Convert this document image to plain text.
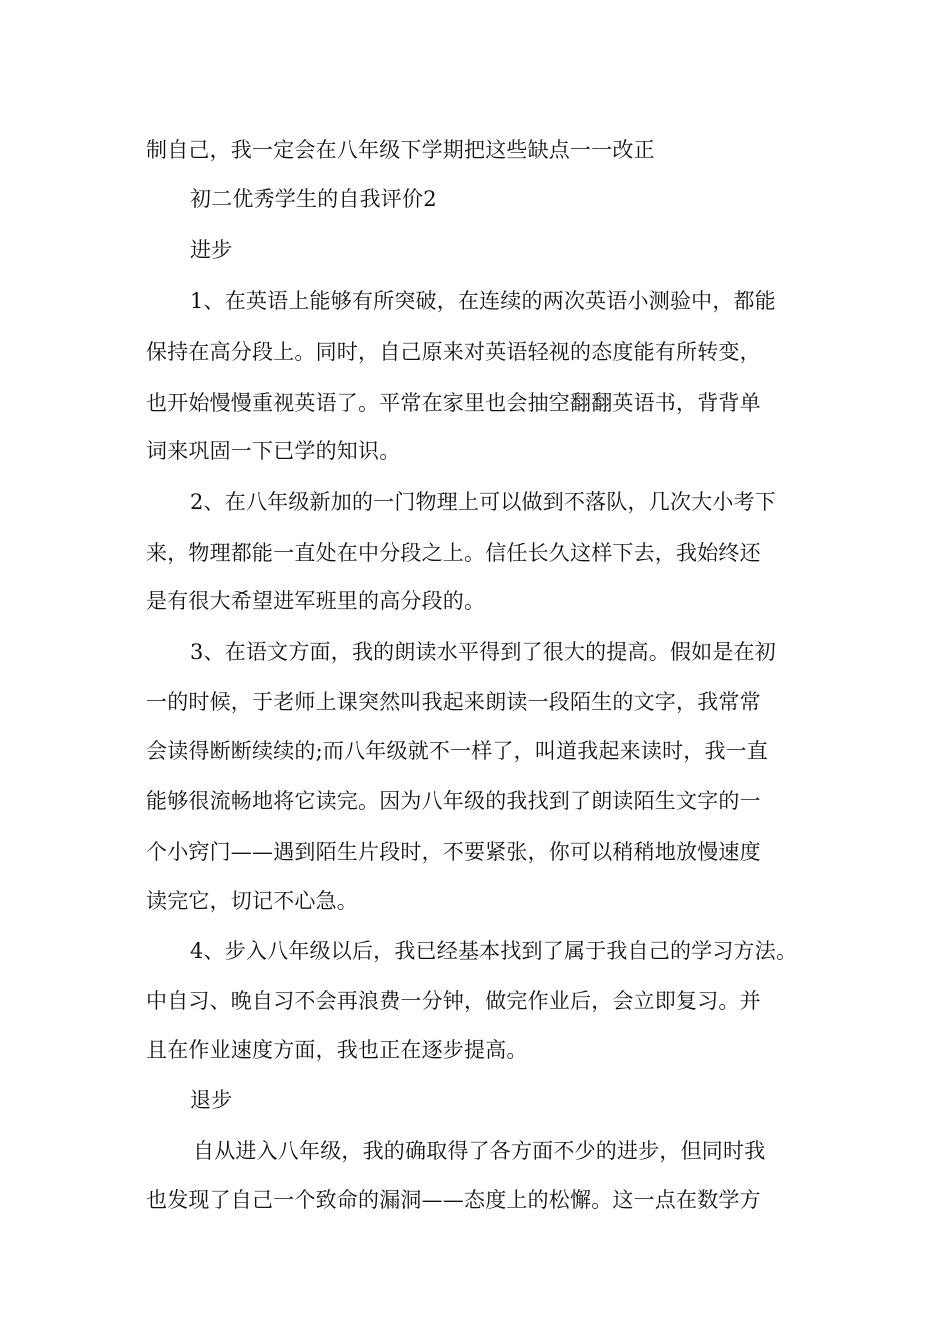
制自己，我一定会在八年级下学期把这些缺点一一改正
初二优秀学生的自我评价2
进步
1、在英语上能够有所突破，在连续的两次英语小测验中，都能
保持在高分段上。同时，自己原来对英语轻视的态度能有所转变，
也开始慢慢重视英语了。平常在家里也会抽空翻翻英语书，背背单
词来巩固一下已学的知识。
2、在八年级新加的一门物理上可以做到不落队，几次大小考下
来，物理都能一直处在中分段之上。信任长久这样下去，我始终还
是有很大希望进军班里的高分段的。
3、在语文方面，我的朗读水平得到了很大的提高。假如是在初
一的时候，于老师上课突然叫我起来朗读一段陌生的文字，我常常
会读得断断续续的;而八年级就不一样了，叫道我起来读时，我一直
能够很流畅地将它读完。因为八年级的我找到了朗读陌生文字的一
个小窍门——遇到陌生片段时，不要紧张，你可以稍稍地放慢速度
读完它，切记不心急。
4、步入八年级以后，我已经基本找到了属于我自己的学习方法。
中自习、晚自习不会再浪费一分钟，做完作业后，会立即复习。并
且在作业速度方面，我也正在逐步提高。
退步
自从进入八年级，我的确取得了各方面不少的进步，但同时我
也发现了自己一个致命的漏洞——态度上的松懈。这一点在数学方
